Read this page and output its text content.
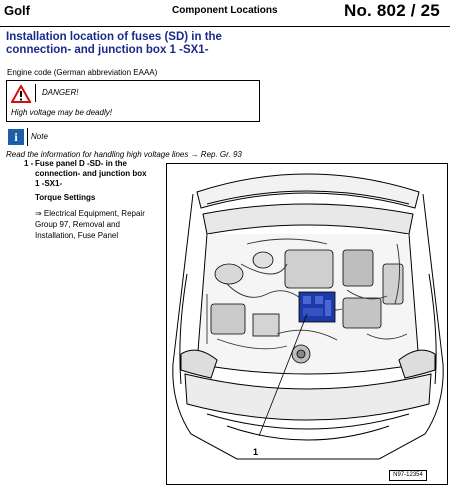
Golf	Component Locations	No. 802 / 25
Installation location of fuses (SD) in the
connection- and junction box 1 -SX1-
Engine code (German abbreviation EAAA)
DANGER!
High voltage may be deadly!
i	Note
Read the information for handling high voltage lines → Rep. Gr. 93
1 - Fuse panel D -SD- in the
connection- and junction box
1 -SX1-
Torque Settings
⇒ Electrical Equipment, Repair
Group 97, Removal and
Installation, Fuse Panel
1
N97-12354
